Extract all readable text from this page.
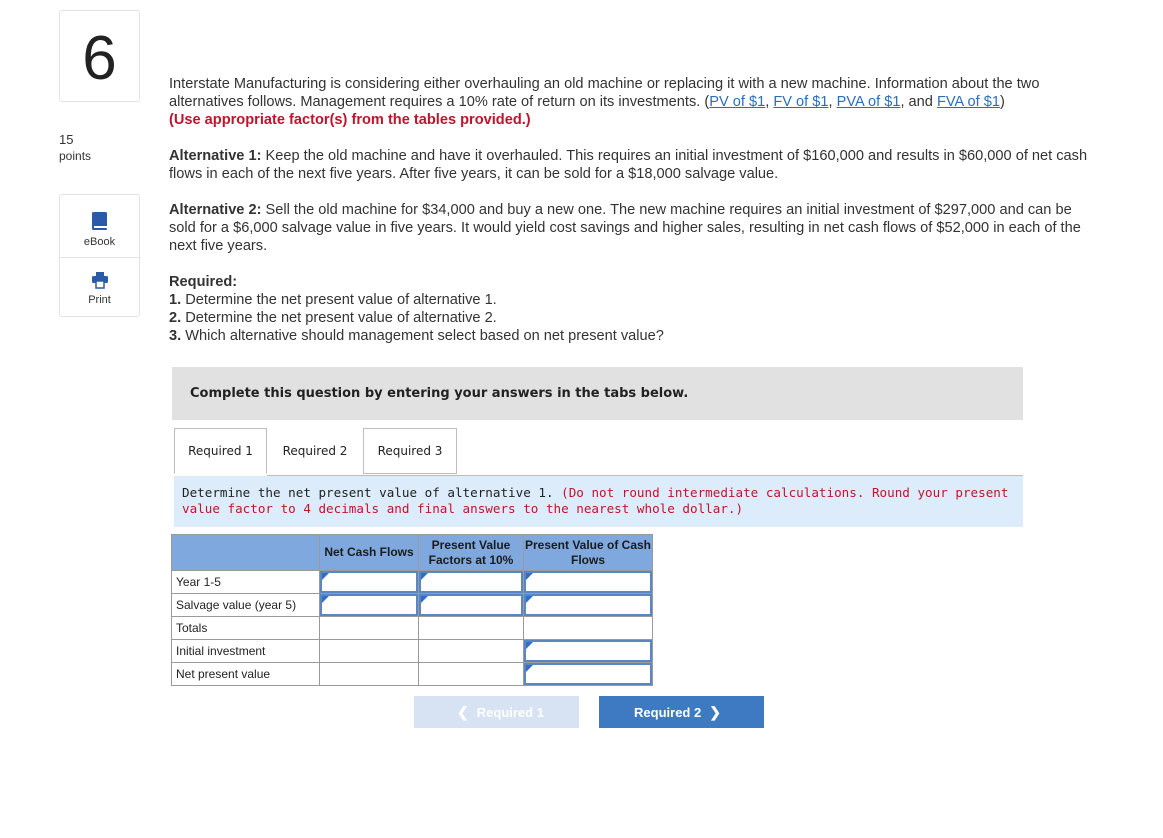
6
15
points
eBook
Print

Interstate Manufacturing is considering either overhauling an old machine or replacing it with a new machine. Information about the two alternatives follows. Management requires a 10% rate of return on its investments. (PV of $1, FV of $1, PVA of $1, and FVA of $1)

(Use appropriate factor(s) from the tables provided.)

Alternative 1: Keep the old machine and have it overhauled. This requires an initial investment of $160,000 and results in $60,000 of net cash flows in each of the next five years. After five years, it can be sold for a $18,000 salvage value.

Alternative 2: Sell the old machine for $34,000 and buy a new one. The new machine requires an initial investment of $297,000 and can be sold for a $6,000 salvage value in five years. It would yield cost savings and higher sales, resulting in net cash flows of $52,000 in each of the next five years.

Required:

1. Determine the net present value of alternative 1.

2. Determine the net present value of alternative 2.

3. Which alternative should management select based on net present value?

Complete this question by entering your answers in the tabs below.
Required 1	Required 2	Required 3
Determine the net present value of alternative 1. (Do not round intermediate calculations. Round your present value factor to 4 decimals and final answers to the nearest whole dollar.)
	Net Cash Flows	Present Value Factors at 10%	Present Value of Cash Flows
Year 1-5	

Salvage value (year 5)	

Totals			
Initial investment			

Net present value			
❮ Required 1	Required 2 ❯
